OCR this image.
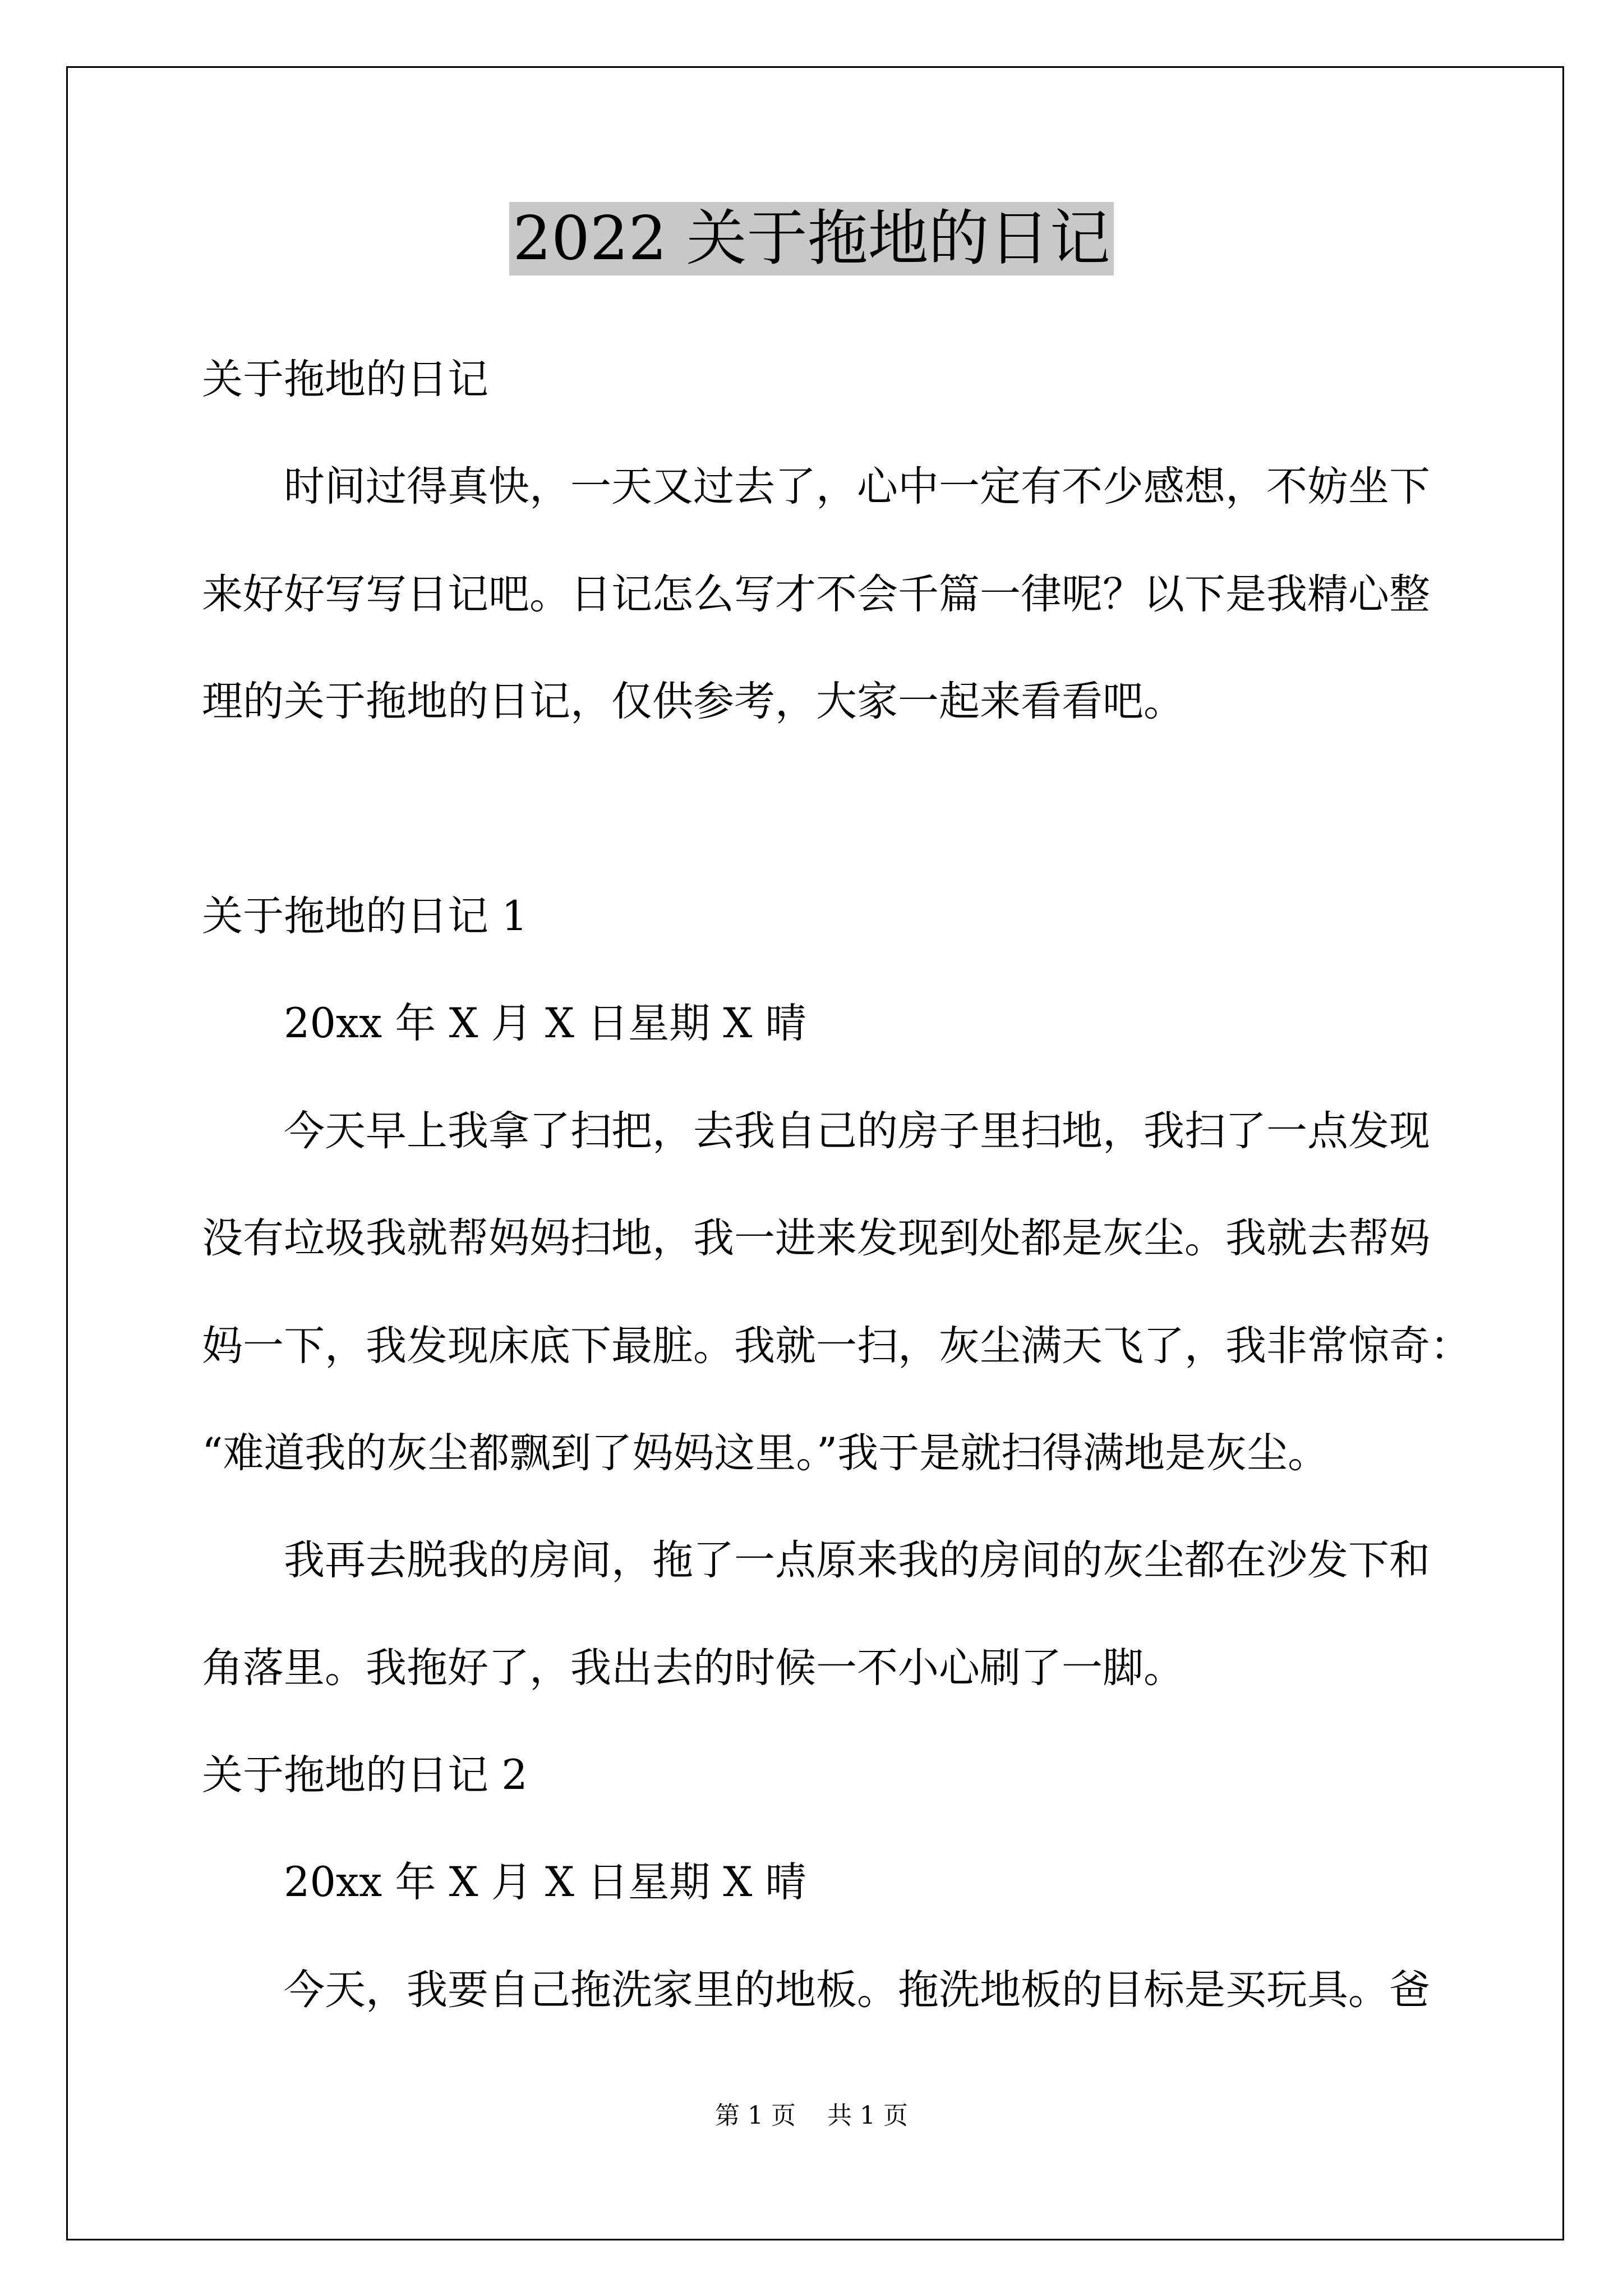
2022 关于拖地的日记
关于拖地的日记
时间过得真快，一天又过去了，心中一定有不少感想，不妨坐下
来好好写写日记吧。日记怎么写才不会千篇一律呢？以下是我精心整
理的关于拖地的日记，仅供参考，大家一起来看看吧。
关于拖地的日记 1
20xx 年 X 月 X 日星期 X 晴
今天早上我拿了扫把，去我自己的房子里扫地，我扫了一点发现
没有垃圾我就帮妈妈扫地，我一进来发现到处都是灰尘。我就去帮妈
妈一下，我发现床底下最脏。我就一扫，灰尘满天飞了，我非常惊奇：
“难道我的灰尘都飘到了妈妈这里。”我于是就扫得满地是灰尘。
我再去脱我的房间，拖了一点原来我的房间的灰尘都在沙发下和
角落里。我拖好了，我出去的时候一不小心刷了一脚。
关于拖地的日记 2
20xx 年 X 月 X 日星期 X 晴
今天，我要自己拖洗家里的地板。拖洗地板的目标是买玩具。爸
第 1 页 共 1 页
